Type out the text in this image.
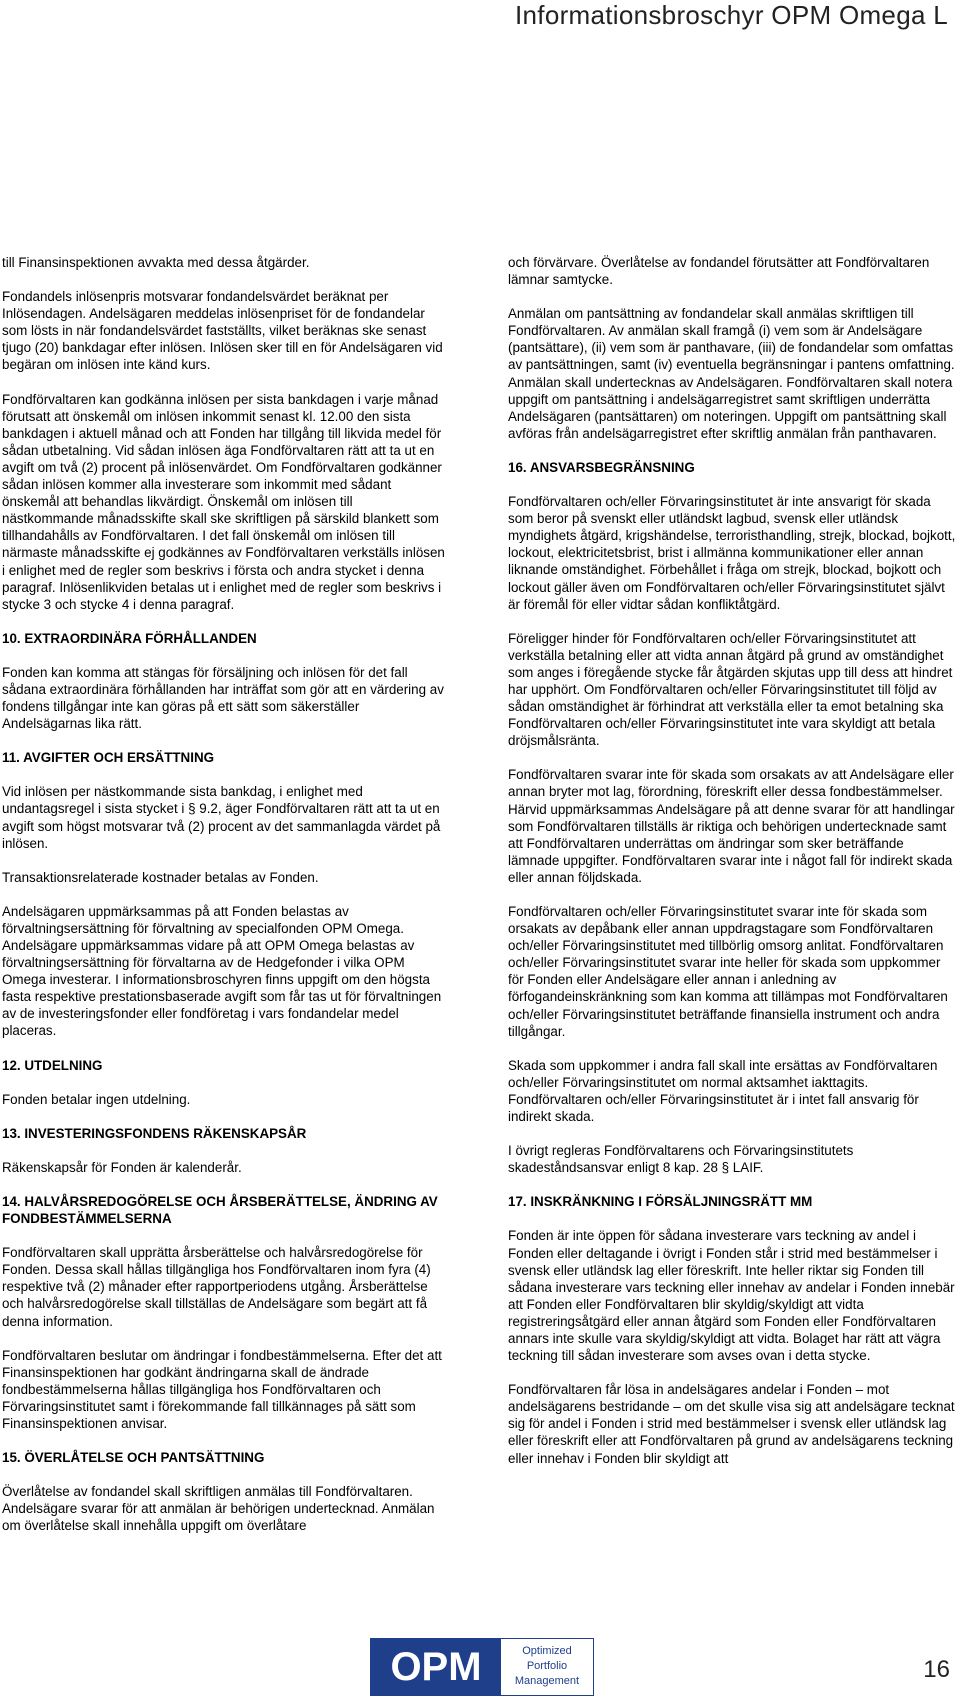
Informationsbroschyr OPM Omega L

till Finansinspektionen avvakta med dessa åtgärder.

Fondandels inlösenpris motsvarar fondandelsvärdet beräknat per Inlösendagen. Andelsägaren meddelas inlösenpriset för de fondandelar som lösts in när fondandelsvärdet fastställts, vilket beräknas ske senast tjugo (20) bankdagar efter inlösen. Inlösen sker till en för Andelsägaren vid begäran om inlösen inte känd kurs.

Fondförvaltaren kan godkänna inlösen per sista bankdagen i varje månad förutsatt att önskemål om inlösen inkommit senast kl. 12.00 den sista bankdagen i aktuell månad och att Fonden har tillgång till likvida medel för sådan utbetalning. Vid sådan inlösen äga Fondförvaltaren rätt att ta ut en avgift om två (2) procent på inlösenvärdet. Om Fondförvaltaren godkänner sådan inlösen kommer alla investerare som inkommit med sådant önskemål att behandlas likvärdigt. Önskemål om inlösen till nästkommande månadsskifte skall ske skriftligen på särskild blankett som tillhandahålls av Fondförvaltaren. I det fall önskemål om inlösen till närmaste månadsskifte ej godkännes av Fondförvaltaren verkställs inlösen i enlighet med de regler som beskrivs i första och andra stycket i denna paragraf. Inlösenlikviden betalas ut i enlighet med de regler som beskrivs i stycke 3 och stycke 4 i denna paragraf.

10. EXTRAORDINÄRA FÖRHÅLLANDEN

Fonden kan komma att stängas för försäljning och inlösen för det fall sådana extraordinära förhållanden har inträffat som gör att en värdering av fondens tillgångar inte kan göras på ett sätt som säkerställer Andelsägarnas lika rätt.

11. AVGIFTER OCH ERSÄTTNING

Vid inlösen per nästkommande sista bankdag, i enlighet med undantagsregel i sista stycket i § 9.2, äger Fondförvaltaren rätt att ta ut en avgift som högst motsvarar två (2) procent av det sammanlagda värdet på inlösen.

Transaktionsrelaterade kostnader betalas av Fonden.

Andelsägaren uppmärksammas på att Fonden belastas av förvaltningsersättning för förvaltning av specialfonden OPM Omega. Andelsägare uppmärksammas vidare på att OPM Omega belastas av förvaltningsersättning för förvaltarna av de Hedgefonder i vilka OPM Omega investerar. I informationsbroschyren finns uppgift om den högsta fasta respektive prestationsbaserade avgift som får tas ut för förvaltningen av de investeringsfonder eller fondföretag i vars fondandelar medel placeras.

12. UTDELNING

Fonden betalar ingen utdelning.

13. INVESTERINGSFONDENS RÄKENSKAPSÅR

Räkenskapsår för Fonden är kalenderår.

14. HALVÅRSREDOGÖRELSE OCH ÅRSBERÄTTELSE, ÄNDRING AV FONDBESTÄMMELSERNA

Fondförvaltaren skall upprätta årsberättelse och halvårsredogörelse för Fonden. Dessa skall hållas tillgängliga hos Fondförvaltaren inom fyra (4) respektive två (2) månader efter rapportperiodens utgång. Årsberättelse och halvårsredogörelse skall tillställas de Andelsägare som begärt att få denna information.

Fondförvaltaren beslutar om ändringar i fondbestämmelserna. Efter det att Finansinspektionen har godkänt ändringarna skall de ändrade fondbestämmelserna hållas tillgängliga hos Fondförvaltaren och Förvaringsinstitutet samt i förekommande fall tillkännages på sätt som Finansinspektionen anvisar.

15. ÖVERLÅTELSE OCH PANTSÄTTNING

Överlåtelse av fondandel skall skriftligen anmälas till Fondförvaltaren. Andelsägare svarar för att anmälan är behörigen undertecknad. Anmälan om överlåtelse skall innehålla uppgift om överlåtare

och förvärvare. Överlåtelse av fondandel förutsätter att Fondförvaltaren lämnar samtycke.

Anmälan om pantsättning av fondandelar skall anmälas skriftligen till Fondförvaltaren. Av anmälan skall framgå (i) vem som är Andelsägare (pantsättare), (ii) vem som är panthavare, (iii) de fondandelar som omfattas av pantsättningen, samt (iv) eventuella begränsningar i pantens omfattning. Anmälan skall undertecknas av Andelsägaren. Fondförvaltaren skall notera uppgift om pantsättning i andelsägarregistret samt skriftligen underrätta Andelsägaren (pantsättaren) om noteringen. Uppgift om pantsättning skall avföras från andelsägarregistret efter skriftlig anmälan från panthavaren.

16. ANSVARSBEGRÄNSNING

Fondförvaltaren och/eller Förvaringsinstitutet är inte ansvarigt för skada som beror på svenskt eller utländskt lagbud, svensk eller utländsk myndighets åtgärd, krigshändelse, terroristhandling, strejk, blockad, bojkott, lockout, elektricitetsbrist, brist i allmänna kommunikationer eller annan liknande omständighet. Förbehållet i fråga om strejk, blockad, bojkott och lockout gäller även om Fondförvaltaren och/eller Förvaringsinstitutet självt är föremål för eller vidtar sådan konfliktåtgärd.

Föreligger hinder för Fondförvaltaren och/eller Förvaringsinstitutet att verkställa betalning eller att vidta annan åtgärd på grund av omständighet som anges i föregående stycke får åtgärden skjutas upp till dess att hindret har upphört. Om Fondförvaltaren och/eller Förvaringsinstitutet till följd av sådan omständighet är förhindrat att verkställa eller ta emot betalning ska Fondförvaltaren och/eller Förvaringsinstitutet inte vara skyldigt att betala dröjsmålsränta.

Fondförvaltaren svarar inte för skada som orsakats av att Andelsägare eller annan bryter mot lag, förordning, föreskrift eller dessa fondbestämmelser. Härvid uppmärksammas Andelsägare på att denne svarar för att handlingar som Fondförvaltaren tillställs är riktiga och behörigen undertecknade samt att Fondförvaltaren underrättas om ändringar som sker beträffande lämnade uppgifter. Fondförvaltaren svarar inte i något fall för indirekt skada eller annan följdskada.

Fondförvaltaren och/eller Förvaringsinstitutet svarar inte för skada som orsakats av depåbank eller annan uppdragstagare som Fondförvaltaren och/eller Förvaringsinstitutet med tillbörlig omsorg anlitat. Fondförvaltaren och/eller Förvaringsinstitutet svarar inte heller för skada som uppkommer för Fonden eller Andelsägare eller annan i anledning av förfogandeinskränkning som kan komma att tillämpas mot Fondförvaltaren och/eller Förvaringsinstitutet beträffande finansiella instrument och andra tillgångar.

Skada som uppkommer i andra fall skall inte ersättas av Fondförvaltaren och/eller Förvaringsinstitutet om normal aktsamhet iakttagits. Fondförvaltaren och/eller Förvaringsinstitutet är i intet fall ansvarig för indirekt skada.

I övrigt regleras Fondförvaltarens och Förvaringsinstitutets skadeståndsansvar enligt 8 kap. 28 § LAIF.

17. INSKRÄNKNING I FÖRSÄLJNINGSRÄTT MM

Fonden är inte öppen för sådana investerare vars teckning av andel i Fonden eller deltagande i övrigt i Fonden står i strid med bestämmelser i svensk eller utländsk lag eller föreskrift. Inte heller riktar sig Fonden till sådana investerare vars teckning eller innehav av andelar i Fonden innebär att Fonden eller Fondförvaltaren blir skyldig/skyldigt att vidta registreringsåtgärd eller annan åtgärd som Fonden eller Fondförvaltaren annars inte skulle vara skyldig/skyldigt att vidta. Bolaget har rätt att vägra teckning till sådan investerare som avses ovan i detta stycke.

Fondförvaltaren får lösa in andelsägares andelar i Fonden – mot andelsägarens bestridande – om det skulle visa sig att andelsägare tecknat sig för andel i Fonden i strid med bestämmelser i svensk eller utländsk lag eller föreskrift eller att Fondförvaltaren på grund av andelsägarens teckning eller innehav i Fonden blir skyldigt att

OPM	Optimized
Portfolio
Management	16
